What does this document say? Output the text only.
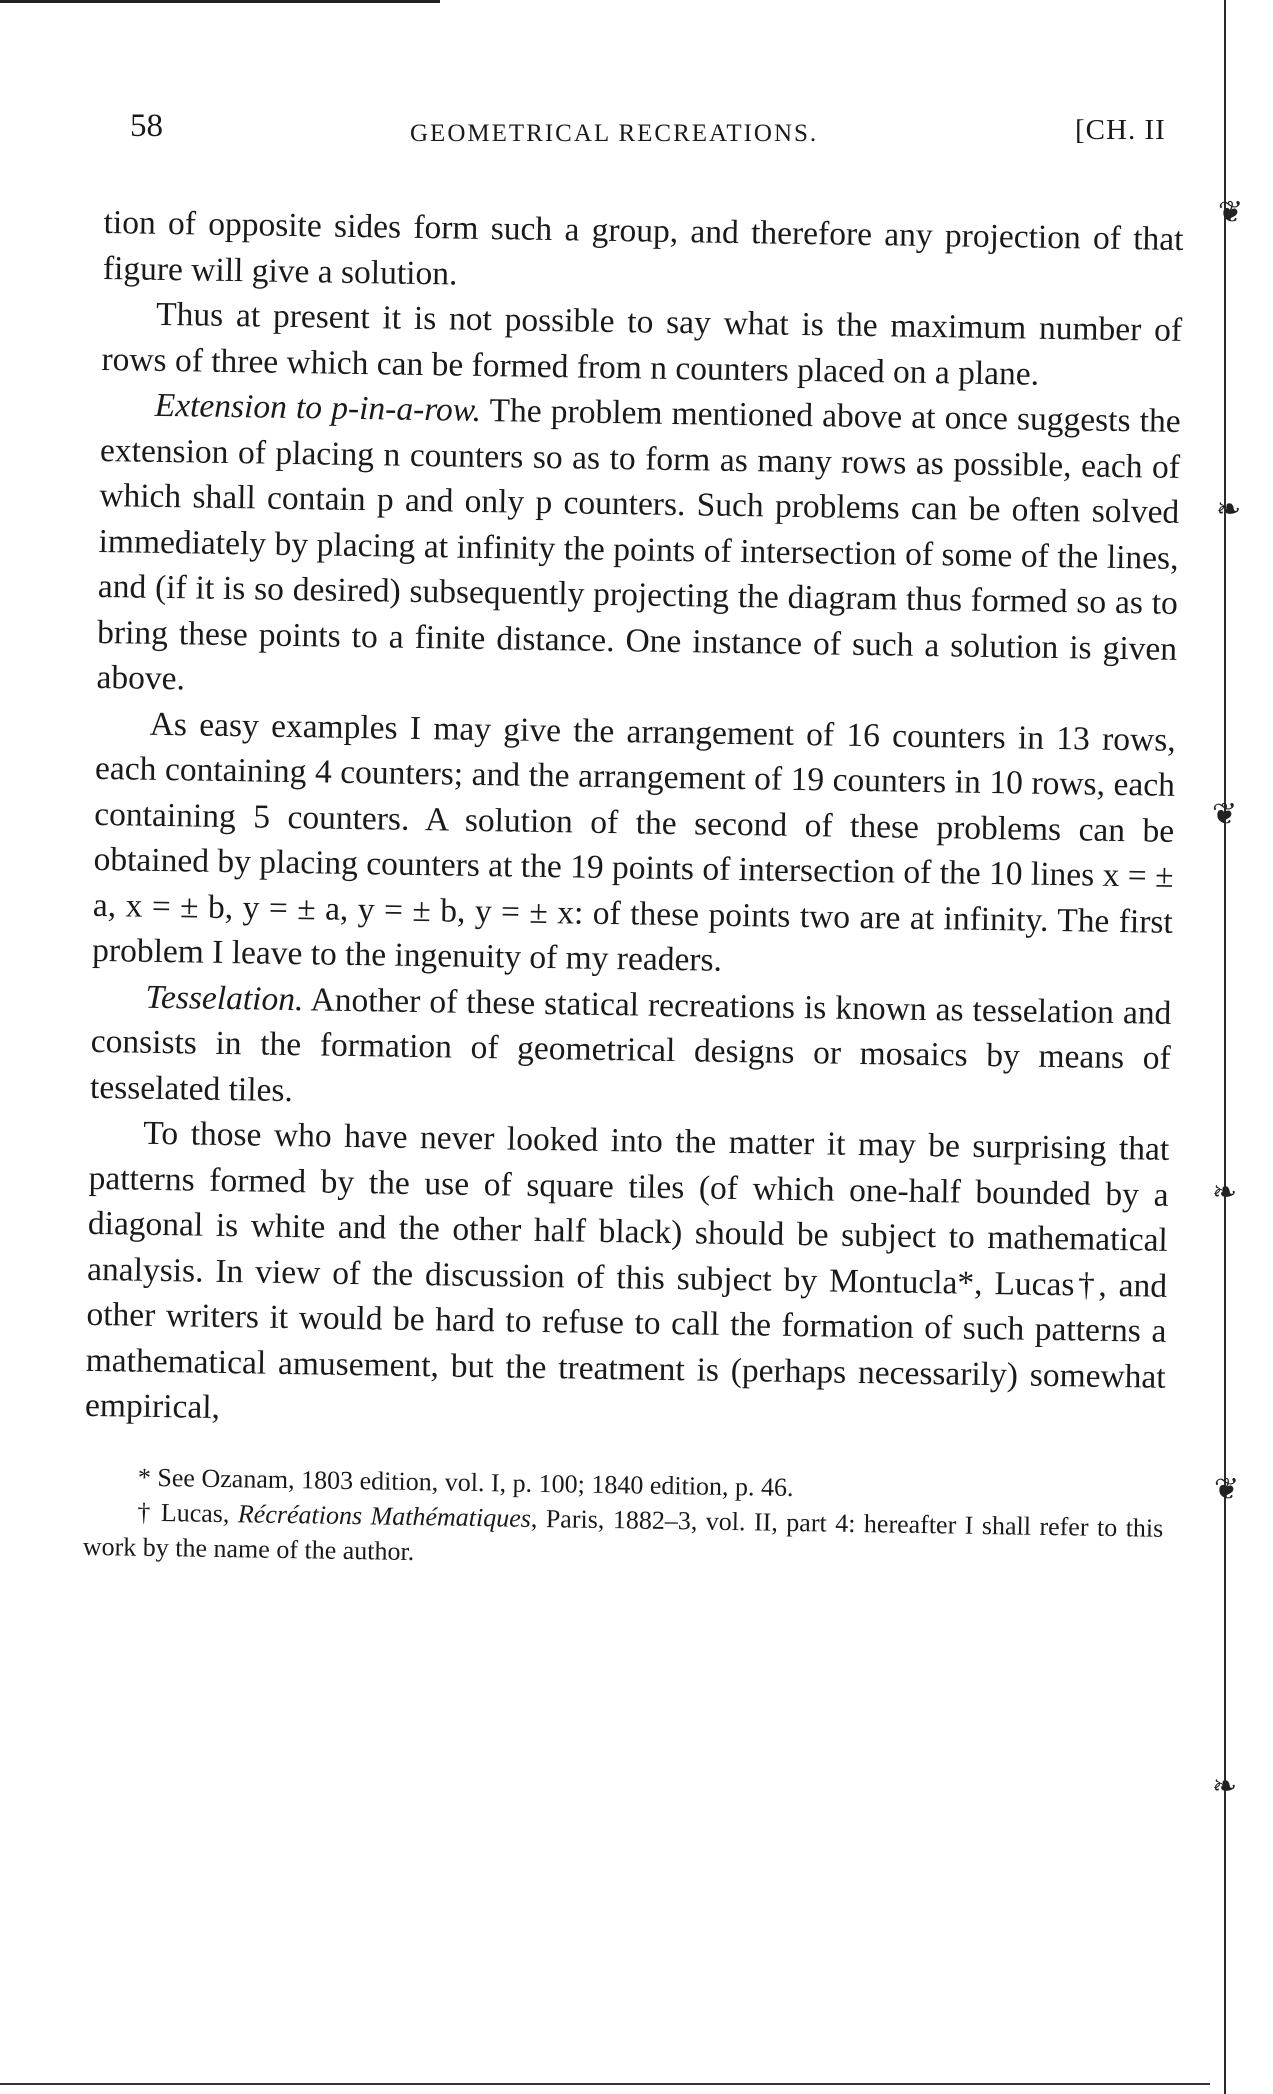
❦
❧
❦
❧
❦
❧
58	GEOMETRICAL RECREATIONS.	[CH. II

tion of opposite sides form such a group, and therefore any projection of that figure will give a solution.

Thus at present it is not possible to say what is the maximum number of rows of three which can be formed from n counters placed on a plane.

Extension to p-in-a-row. The problem mentioned above at once suggests the extension of placing n counters so as to form as many rows as possible, each of which shall contain p and only p counters. Such problems can be often solved immediately by placing at infinity the points of intersection of some of the lines, and (if it is so desired) subsequently projecting the diagram thus formed so as to bring these points to a finite distance. One instance of such a solution is given above.

As easy examples I may give the arrangement of 16 counters in 13 rows, each containing 4 counters; and the arrangement of 19 counters in 10 rows, each containing 5 counters. A solution of the second of these problems can be obtained by placing counters at the 19 points of intersection of the 10 lines x = ± a, x = ± b, y = ± a, y = ± b, y = ± x: of these points two are at infinity. The first problem I leave to the ingenuity of my readers.

Tesselation. Another of these statical recreations is known as tesselation and consists in the formation of geometrical designs or mosaics by means of tesselated tiles.

To those who have never looked into the matter it may be surprising that patterns formed by the use of square tiles (of which one-half bounded by a diagonal is white and the other half black) should be subject to mathematical analysis. In view of the discussion of this subject by Montucla*, Lucas†, and other writers it would be hard to refuse to call the formation of such patterns a mathematical amusement, but the treatment is (perhaps necessarily) somewhat empirical,

* See Ozanam, 1803 edition, vol. I, p. 100; 1840 edition, p. 46.

† Lucas, Récréations Mathématiques, Paris, 1882–3, vol. II, part 4: hereafter I shall refer to this work by the name of the author.
